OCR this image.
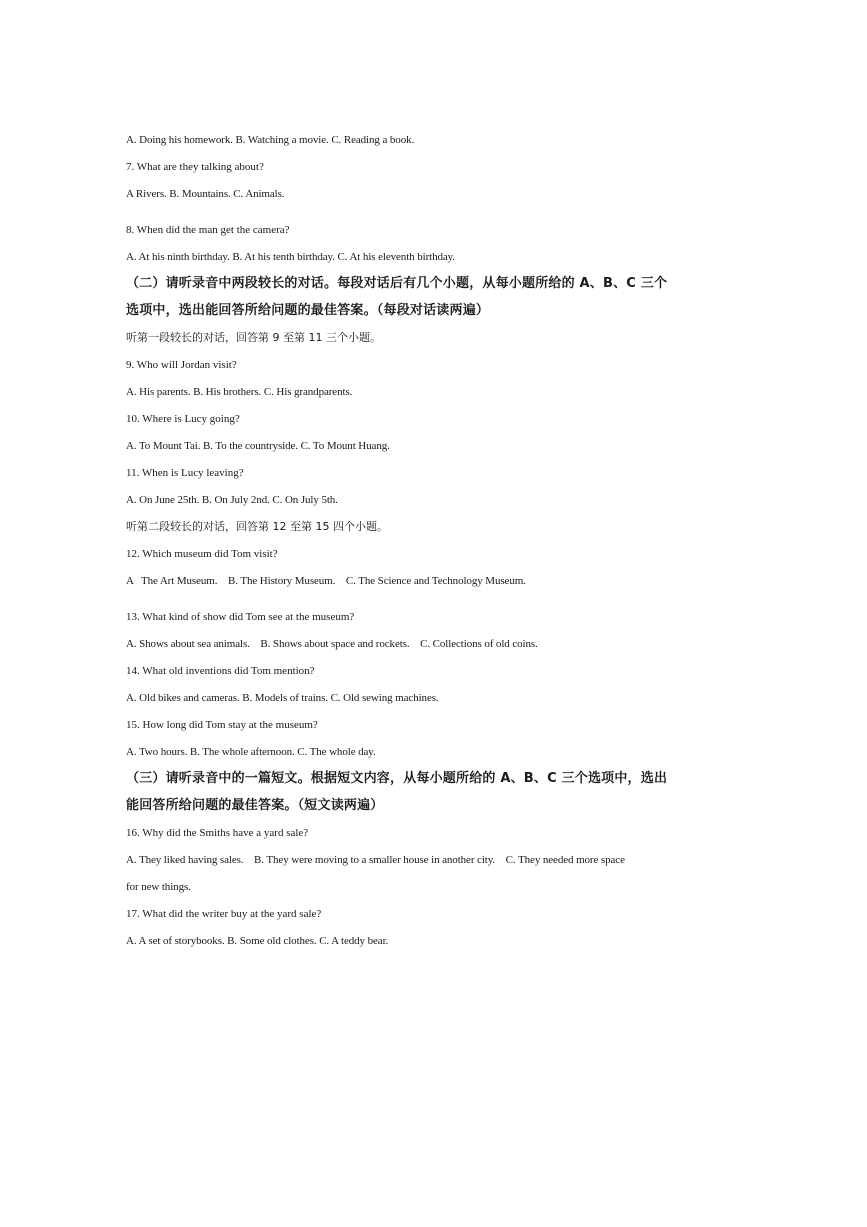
A. Doing his homework. B. Watching a movie. C. Reading a book.
7. What are they talking about?
A Rivers. B. Mountains. C. Animals.
8. When did the man get the camera?
A. At his ninth birthday. B. At his tenth birthday. C. At his eleventh birthday.
（二）请听录音中两段较长的对话。每段对话后有几个小题，从每小题所给的 A、B、C 三个
选项中，选出能回答所给问题的最佳答案。（每段对话读两遍）
听第一段较长的对话，回答第 9 至第 11 三个小题。
9. Who will Jordan visit?
A. His parents. B. His brothers. C. His grandparents.
10. Where is Lucy going?
A. To Mount Tai. B. To the countryside. C. To Mount Huang.
11. When is Lucy leaving?
A. On June 25th. B. On July 2nd. C. On July 5th.
听第二段较长的对话，回答第 12 至第 15 四个小题。
12. Which museum did Tom visit?
A   The Art Museum.    B. The History Museum.    C. The Science and Technology Museum.
13. What kind of show did Tom see at the museum?
A. Shows about sea animals.    B. Shows about space and rockets.    C. Collections of old coins.
14. What old inventions did Tom mention?
A. Old bikes and cameras. B. Models of trains. C. Old sewing machines.
15. How long did Tom stay at the museum?
A. Two hours. B. The whole afternoon. C. The whole day.
（三）请听录音中的一篇短文。根据短文内容，从每小题所给的 A、B、C 三个选项中，选出
能回答所给问题的最佳答案。（短文读两遍）
16. Why did the Smiths have a yard sale?
A. They liked having sales.    B. They were moving to a smaller house in another city.    C. They needed more space
for new things.
17. What did the writer buy at the yard sale?
A. A set of storybooks. B. Some old clothes. C. A teddy bear.
